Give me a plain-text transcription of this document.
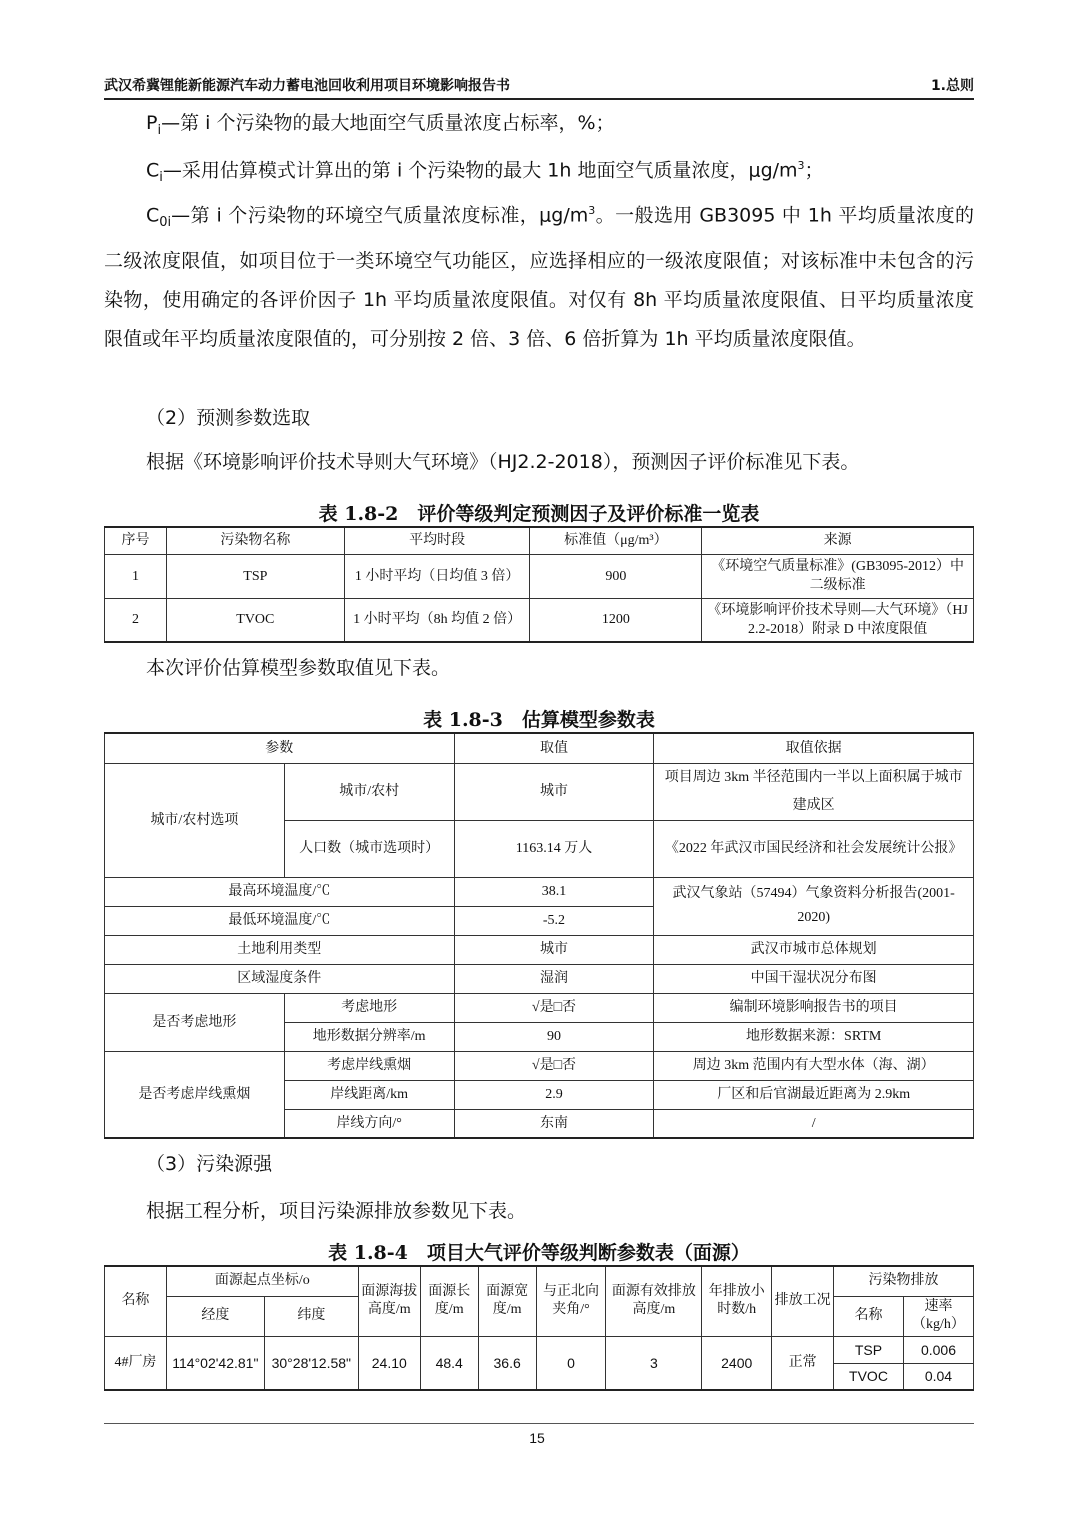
武汉希冀锂能新能源汽车动力蓄电池回收利用项目环境影响报告书	1.总则
$P_i—$第 i 个污染物的最大地面空气质量浓度占标率，%；
$C_i—$采用估算模式计算出的第 i 个污染物的最大 1h 地面空气质量浓度，$\mu g/m^3$；
$C_{0i}—$第 i 个污染物的环境空气质量浓度标准，$\mu g/m^3$。一般选用 GB3095 中 1h 平均质量浓度的二级浓度限值，如项目位于一类环境空气功能区，应选择相应的一级浓度限值；对该标准中未包含的污染物，使用确定的各评价因子 1h 平均质量浓度限值。对仅有 8h 平均质量浓度限值、日平均质量浓度限值或年平均质量浓度限值的，可分别按 2 倍、3 倍、6 倍折算为 1h 平均质量浓度限值。
（2）预测参数选取
根据《环境影响评价技术导则大气环境》（HJ2.2-2018），预测因子评价标准见下表。
表 1.8-2　评价等级判定预测因子及评价标准一览表
序号	污染物名称	平均时段	标准值（μg/m³）	来源
1	TSP	1 小时平均（日均值 3 倍）	900	《环境空气质量标准》(GB3095-2012）中二级标准
2	TVOC	1 小时平均（8h 均值 2 倍）	1200	《环境影响评价技术导则—大气环境》（HJ 2.2-2018）附录 D 中浓度限值
本次评价估算模型参数取值见下表。
表 1.8-3　估算模型参数表
参数		取值	取值依据
城市/农村选项	城市/农村	城市	项目周边 3km 半径范围内一半以上面积属于城市建成区
	人口数（城市选项时）	1163.14 万人	《2022 年武汉市国民经济和社会发展统计公报》
最高环境温度/℃		38.1	武汉气象站（57494）气象资料分析报告(2001-2020)
最低环境温度/℃		-5.2	
土地利用类型		城市	武汉市城市总体规划
区域湿度条件		湿润	中国干湿状况分布图
是否考虑地形	考虑地形	√是□否	编制环境影响报告书的项目
	地形数据分辨率/m	90	地形数据来源：SRTM
是否考虑岸线熏烟	考虑岸线熏烟	√是□否	周边 3km 范围内有大型水体（海、湖）
	岸线距离/km	2.9	厂区和后官湖最近距离为 2.9km
	岸线方向/°	东南	/
（3）污染源强
根据工程分析，项目污染源排放参数见下表。
表 1.8-4　项目大气评价等级判断参数表（面源）
名称	面源起点坐标/o		面源海拔高度/m	面源长度/m	面源宽度/m	与正北向夹角/°	面源有效排放高度/m	年排放小时数/h	排放工况	污染物排放	
	经度	纬度								名称	速率（kg/h）
4#厂房	114°02'42.81"	30°28'12.58"	24.10	48.4	36.6	0	3	2400	正常	TSP	0.006
										TVOC	0.04
15
